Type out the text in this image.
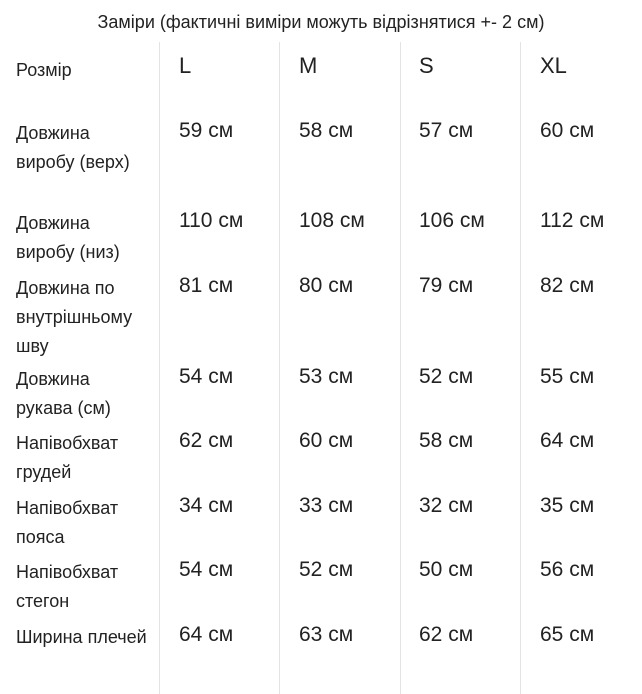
Заміри (фактичні виміри можуть відрізнятися +- 2 см)
Розмір	L	M	S	XL
Довжина виробу (верх)
59 см	58 см	57 см	60 см
Довжина виробу (низ)
110 см	108 см	106 см	112 см
Довжина по внутрішньому шву
81 см	80 см	79 см	82 см
Довжина рукава (см)
54 см	53 см	52 см	55 см
Напівобхват грудей
62 см	60 см	58 см	64 см
Напівобхват пояса
34 см	33 см	32 см	35 см
Напівобхват стегон
54 см	52 см	50 см	56 см
Ширина плечей 64 см	63 см	62 см	65 см
